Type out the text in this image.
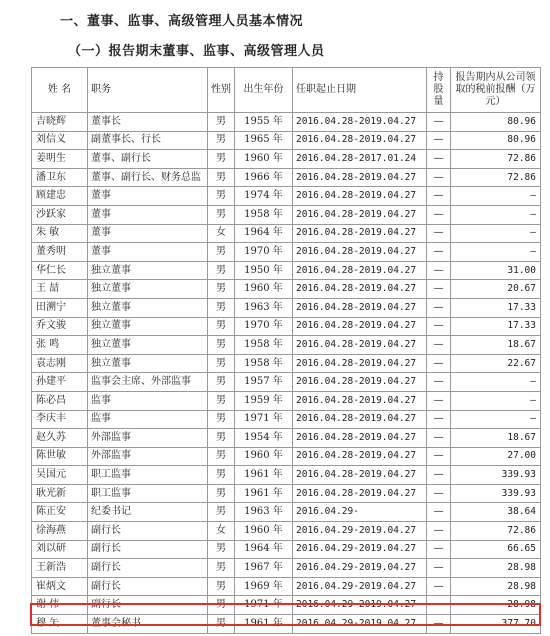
一、董事、监事、高级管理人员基本情况
（一）报告期末董事、监事、高级管理人员
姓 名	职务	性别	出生年份	任职起止日期	持股量	报告期内从公司领取的税前报酬（万元）
吉晓辉	董事长	男	1955 年	2016.04.28-2019.04.27	—	80.96
刘信义	副董事长、行长	男	1965 年	2016.04.28-2019.04.27	—	80.96
姜明生	董事、副行长	男	1960 年	2016.04.28-2017.01.24	—	72.86
潘卫东	董事、副行长、财务总监	男	1966 年	2016.04.28-2019.04.27	—	72.86
顾建忠	董事	男	1974 年	2016.04.28-2019.04.27	—	—
沙跃家	董事	男	1958 年	2016.04.28-2019.04.27	—	—
朱 敏	董事	女	1964 年	2016.04.28-2019.04.27	—	—
董秀明	董事	男	1970 年	2016.04.28-2019.04.27	—	—
华仁长	独立董事	男	1950 年	2016.04.28-2019.04.27	—	31.00
王 喆	独立董事	男	1960 年	2016.04.28-2019.04.27	—	20.67
田溯宁	独立董事	男	1963 年	2016.04.28-2019.04.27	—	17.33
乔文骏	独立董事	男	1970 年	2016.04.28-2019.04.27	—	17.33
张 鸣	独立董事	男	1958 年	2016.04.28-2019.04.27	—	18.67
袁志刚	独立董事	男	1958 年	2016.04.28-2019.04.27	—	22.67
孙建平	监事会主席、外部监事	男	1957 年	2016.04.28-2019.04.27	—	—
陈必昌	监事	男	1959 年	2016.04.28-2019.04.27	—	—
李庆丰	监事	男	1971 年	2016.04.28-2019.04.27	—	—
赵久苏	外部监事	男	1954 年	2016.04.28-2019.04.27	—	18.67
陈世敏	外部监事	男	1960 年	2016.04.28-2019.04.27	—	27.00
吴国元	职工监事	男	1961 年	2016.04.28-2019.04.27	—	339.93
耿光新	职工监事	男	1961 年	2016.04.28-2019.04.27	—	339.93
陈正安	纪委书记	男	1963 年	2016.04.29-	—	38.64
徐海燕	副行长	女	1960 年	2016.04.29-2019.04.27	—	72.86
刘以研	副行长	男	1964 年	2016.04.29-2019.04.27	—	66.65
王新浩	副行长	男	1967 年	2016.04.29-2019.04.27	—	28.98
崔炳文	副行长	男	1969 年	2016.04.29-2019.04.27	—	28.98
谢 伟	副行长	男	1971 年	2016.04.29-2019.04.27	—	28.98
穆 矢	董事会秘书	男	1961 年	2016.04.29-2019.04.27	—	377.70
